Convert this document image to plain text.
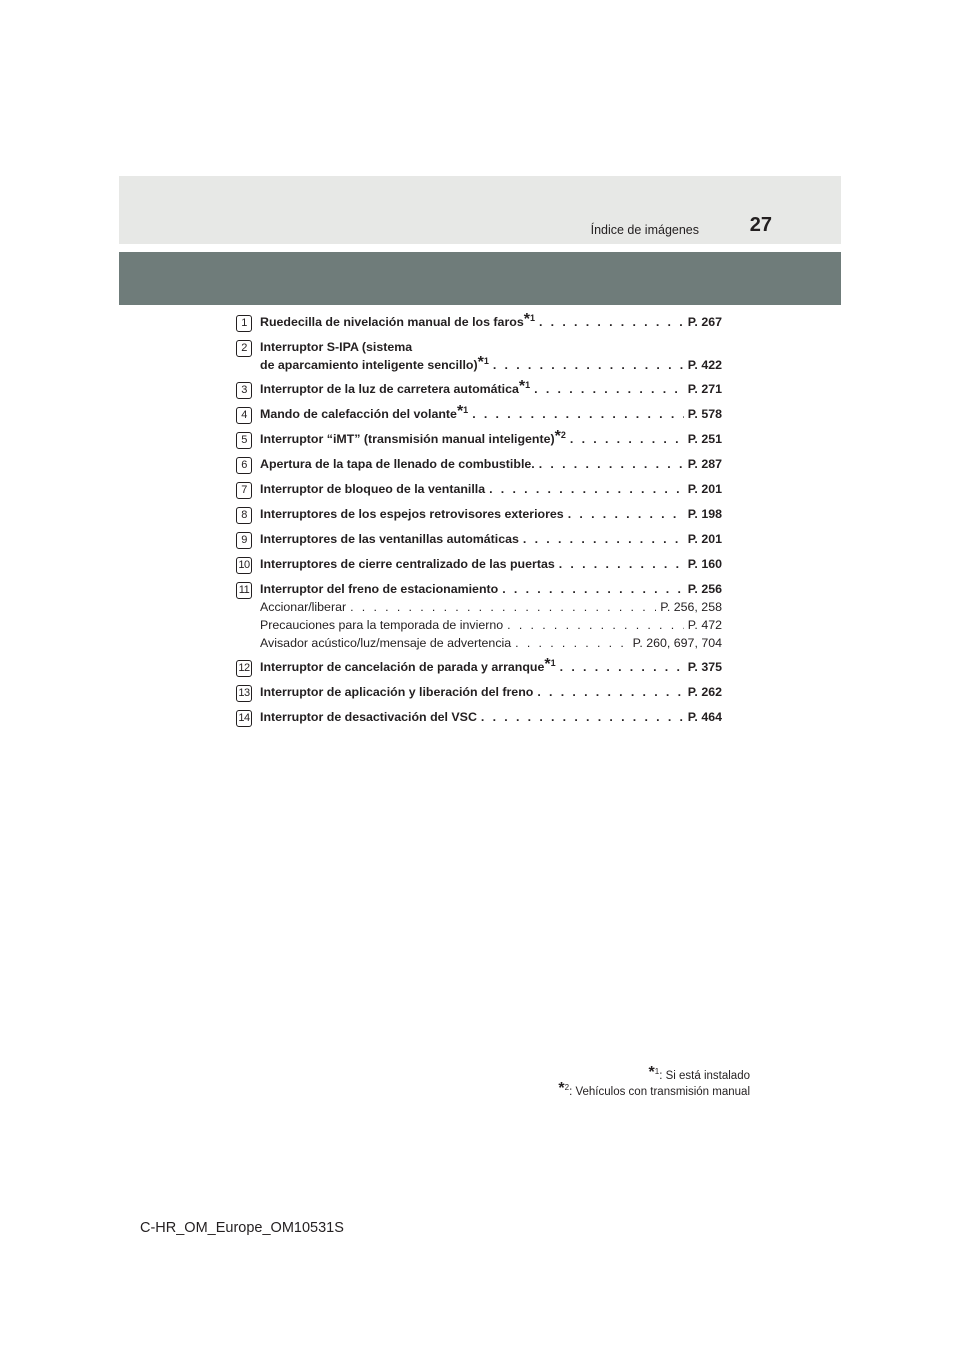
Índice de imágenes	27
1	Ruedecilla de nivelación manual de los faros$^{*1}$ . . .	P. 267
2	Interruptor S-IPA (sistema
de aparcamiento inteligente sencillo)$^{*1}$ . . .	P. 422
3	Interruptor de la luz de carretera automática$^{*1}$ . . .	P. 271
4	Mando de calefacción del volante$^{*1}$ . . .	P. 578
5	Interruptor “iMT” (transmisión manual inteligente)$^{*2}$ . . .	P. 251
6	Apertura de la tapa de llenado de combustible. . . .	P. 287
7	Interruptor de bloqueo de la ventanilla . . .	P. 201
8	Interruptores de los espejos retrovisores exteriores . . .	P. 198
9	Interruptores de las ventanillas automáticas . . .	P. 201
10 Interruptores de cierre centralizado de las puertas . . .	P. 160
11 Interruptor del freno de estacionamiento . . .	P. 256
Accionar/liberar . . .	P. 256, 258
Precauciones para la temporada de invierno . . .	P. 472
Avisador acústico/luz/mensaje de advertencia . . .	P. 260, 697, 704
12 Interruptor de cancelación de parada y arranque$^{*1}$ . . .	P. 375
13 Interruptor de aplicación y liberación del freno . . .	P. 262
14 Interruptor de desactivación del VSC . . .	P. 464
$^{*1}$: Si está instalado
$^{*2}$: Vehículos con transmisión manual
C-HR_OM_Europe_OM10531S
